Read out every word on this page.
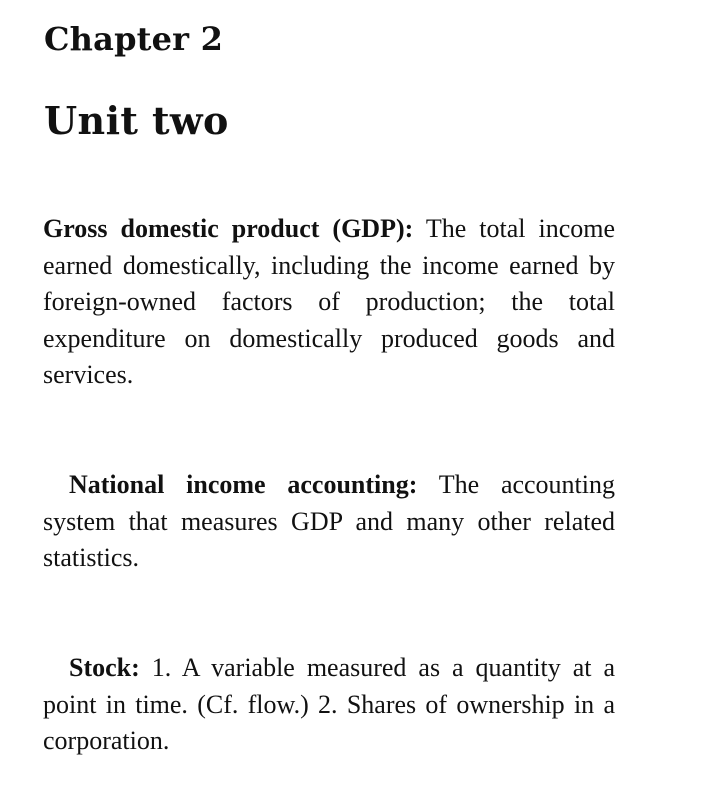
Chapter 2
Unit two

Gross domestic product (GDP): The total income earned domestically, including the income earned by foreign-owned factors of production; the total expenditure on domestically produced goods and services.

National income accounting: The accounting system that measures GDP and many other related statistics.

Stock: 1. A variable measured as a quantity at a point in time. (Cf. flow.) 2. Shares of ownership in a corporation.
